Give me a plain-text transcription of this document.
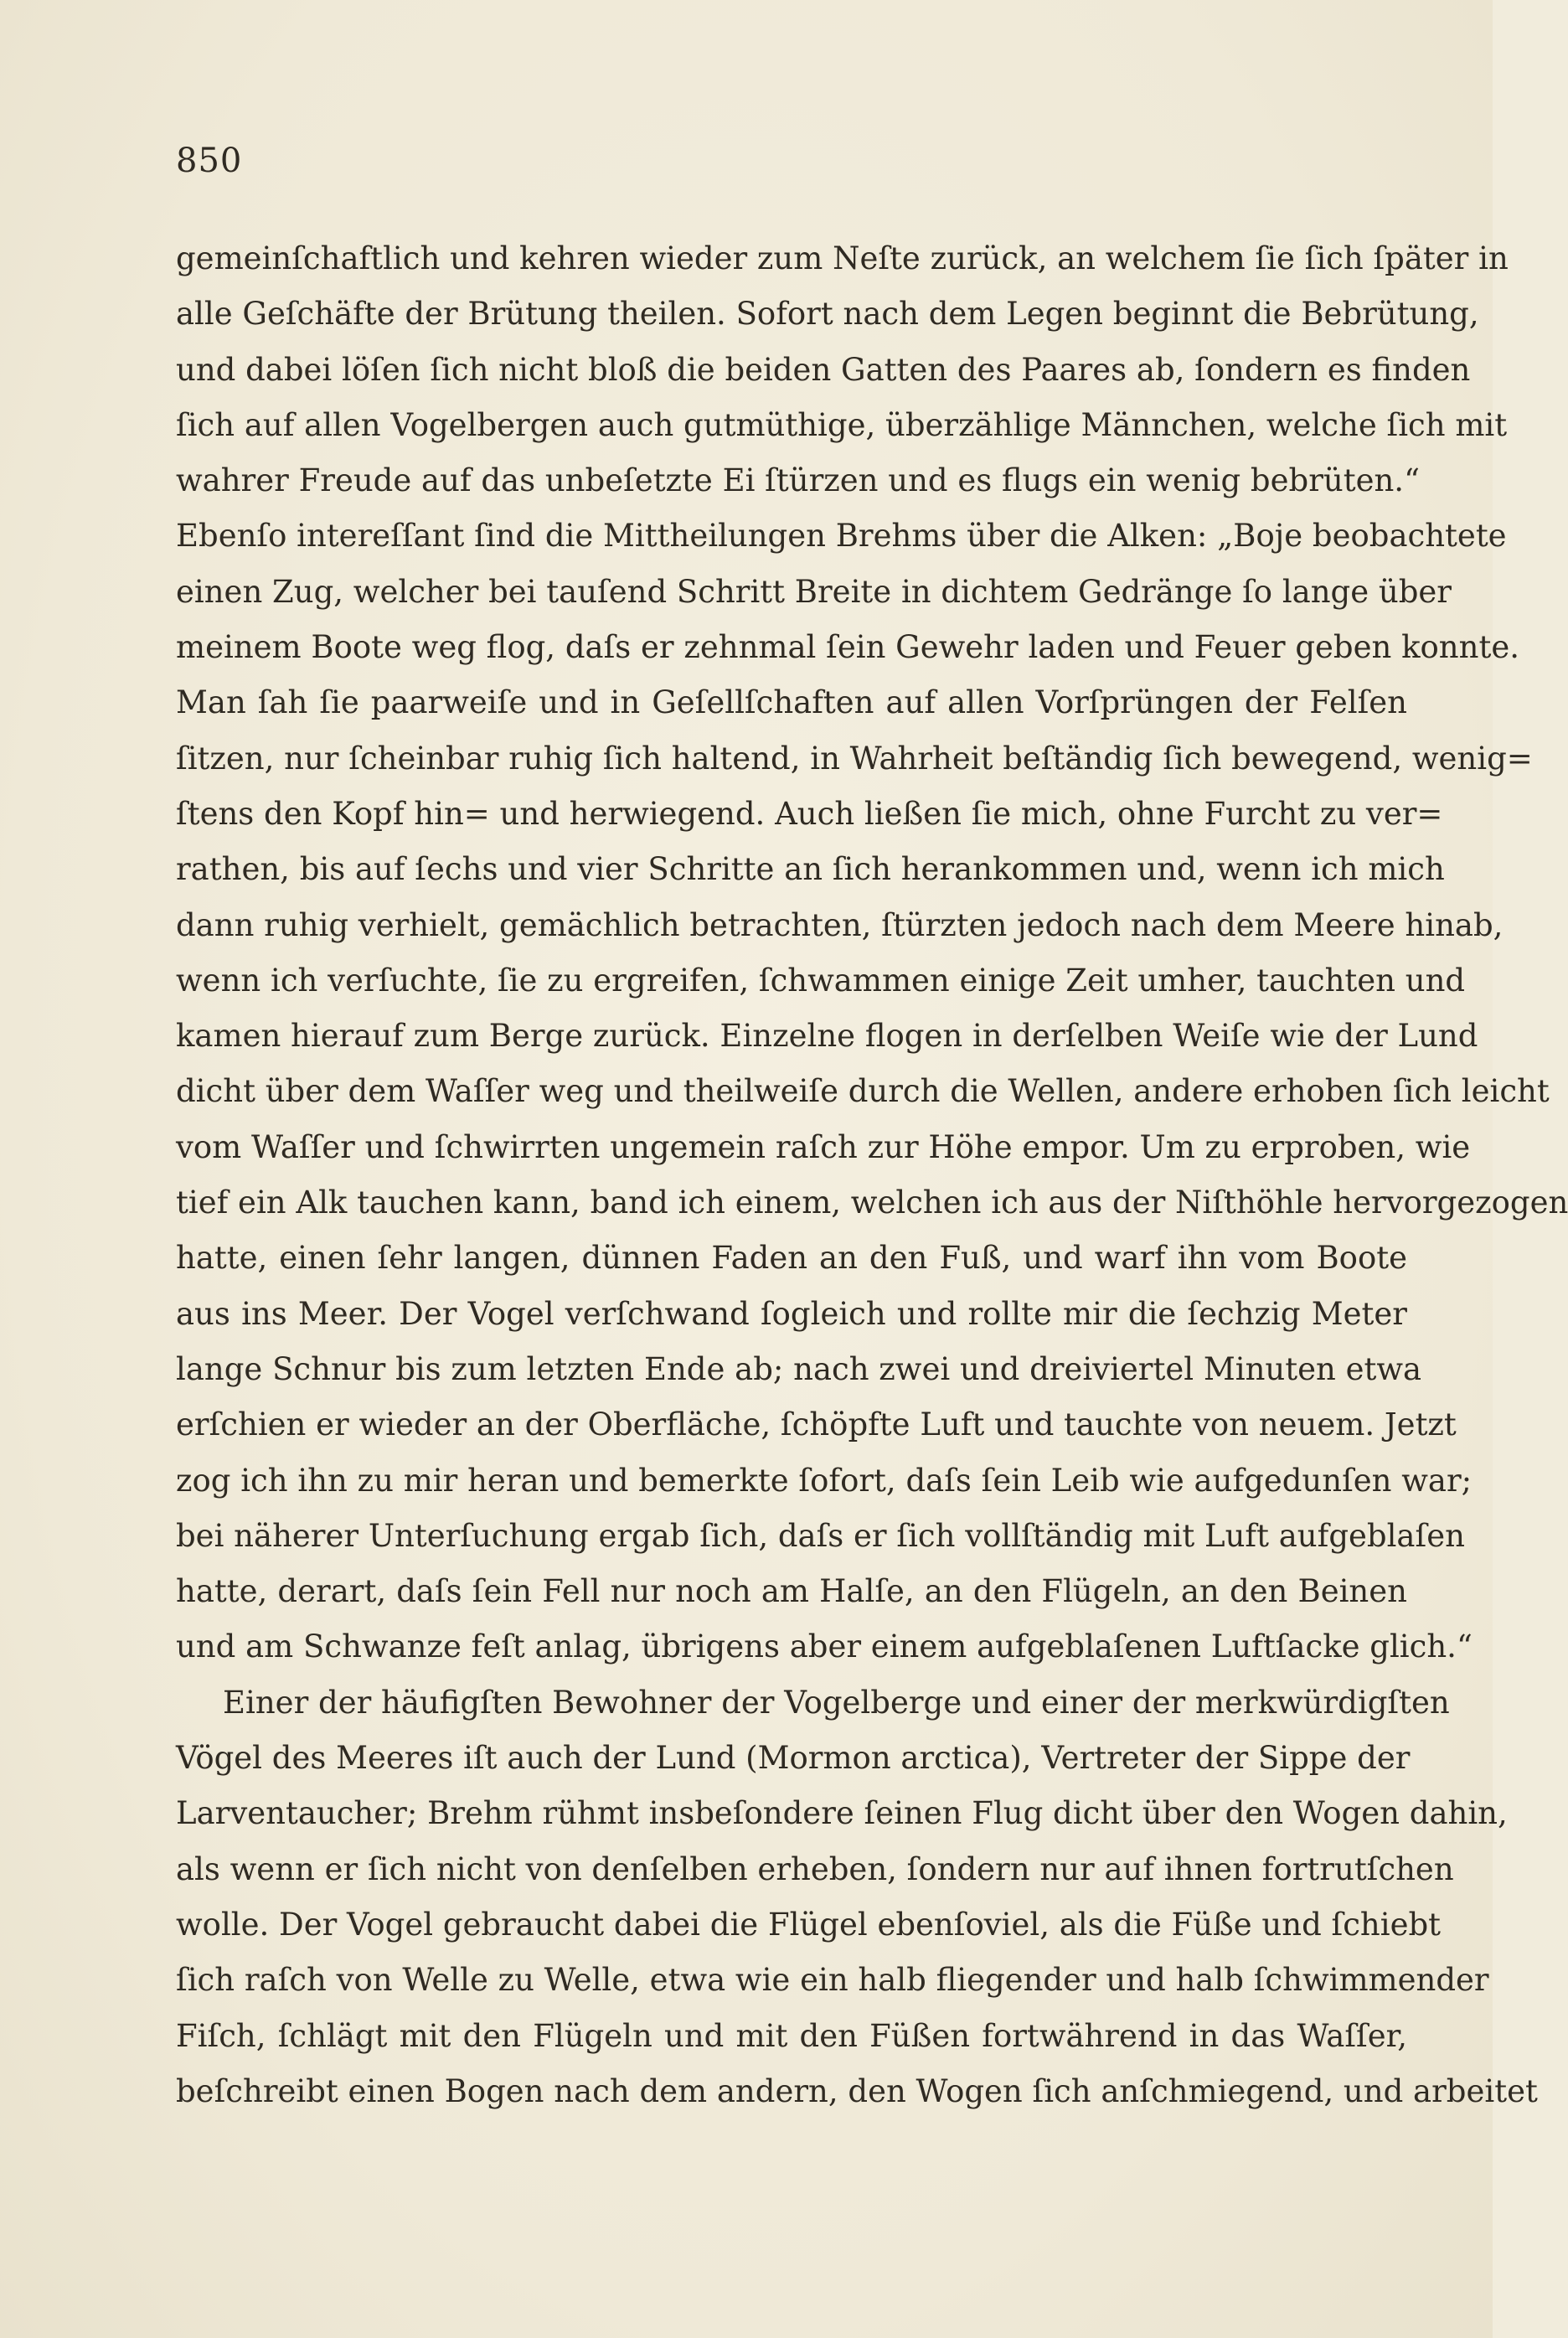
850
gemeinſchaftlich und kehren wieder zum Neſte zurück, an welchem ſie ſich ſpäter in
alle Geſchäfte der Brütung theilen. Sofort nach dem Legen beginnt die Bebrütung,
und dabei löſen ſich nicht bloß die beiden Gatten des Paares ab, ſondern es finden
ſich auf allen Vogelbergen auch gutmüthige, überzählige Männchen, welche ſich mit
wahrer Freude auf das unbeſetzte Ei ſtürzen und es flugs ein wenig bebrüten.“
Ebenſo intereſſant ſind die Mittheilungen Brehms über die Alken: „Boje beobachtete
einen Zug, welcher bei tauſend Schritt Breite in dichtem Gedränge ſo lange über
meinem Boote weg flog, daſs er zehnmal ſein Gewehr laden und Feuer geben konnte.
Man ſah ſie paarweiſe und in Geſellſchaften auf allen Vorſprüngen der Felſen
ſitzen, nur ſcheinbar ruhig ſich haltend, in Wahrheit beſtändig ſich bewegend, wenig=
ſtens den Kopf hin= und herwiegend. Auch ließen ſie mich, ohne Furcht zu ver=
rathen, bis auf ſechs und vier Schritte an ſich herankommen und, wenn ich mich
dann ruhig verhielt, gemächlich betrachten, ſtürzten jedoch nach dem Meere hinab,
wenn ich verſuchte, ſie zu ergreifen, ſchwammen einige Zeit umher, tauchten und
kamen hierauf zum Berge zurück. Einzelne flogen in derſelben Weiſe wie der Lund
dicht über dem Waſſer weg und theilweiſe durch die Wellen, andere erhoben ſich leicht
vom Waſſer und ſchwirrten ungemein raſch zur Höhe empor. Um zu erproben, wie
tief ein Alk tauchen kann, band ich einem, welchen ich aus der Niſthöhle hervorgezogen
hatte, einen ſehr langen, dünnen Faden an den Fuß, und warf ihn vom Boote
aus ins Meer. Der Vogel verſchwand ſogleich und rollte mir die ſechzig Meter
lange Schnur bis zum letzten Ende ab; nach zwei und dreiviertel Minuten etwa
erſchien er wieder an der Oberfläche, ſchöpfte Luft und tauchte von neuem. Jetzt
zog ich ihn zu mir heran und bemerkte ſofort, daſs ſein Leib wie aufgedunſen war;
bei näherer Unterſuchung ergab ſich, daſs er ſich vollſtändig mit Luft aufgeblaſen
hatte, derart, daſs ſein Fell nur noch am Halſe, an den Flügeln, an den Beinen
und am Schwanze feſt anlag, übrigens aber einem aufgeblaſenen Luftſacke glich.“
Einer der häufigſten Bewohner der Vogelberge und einer der merkwürdigſten
Vögel des Meeres iſt auch der Lund (Mormon arctica), Vertreter der Sippe der
Larventaucher; Brehm rühmt insbeſondere ſeinen Flug dicht über den Wogen dahin,
als wenn er ſich nicht von denſelben erheben, ſondern nur auf ihnen fortrutſchen
wolle. Der Vogel gebraucht dabei die Flügel ebenſoviel, als die Füße und ſchiebt
ſich raſch von Welle zu Welle, etwa wie ein halb fliegender und halb ſchwimmender
Fiſch, ſchlägt mit den Flügeln und mit den Füßen fortwährend in das Waſſer,
beſchreibt einen Bogen nach dem andern, den Wogen ſich anſchmiegend, und arbeitet
